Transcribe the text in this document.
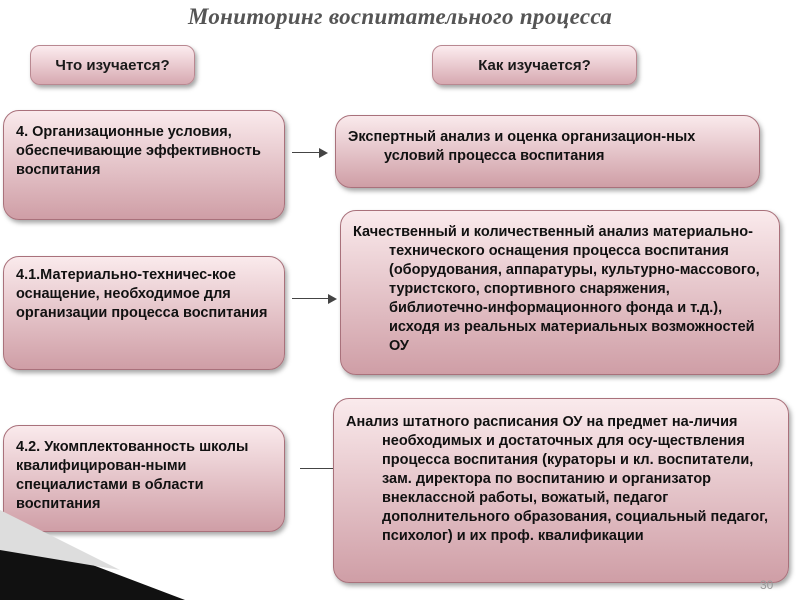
Мониторинг воспитательного процесса
Что изучается?	Как изучается?
4. Организационные условия, обеспечивающие эффективность воспитания
Экспертный анализ и оценка организацион-ных условий процесса воспитания
4.1.Материально-техничес-кое оснащение, необходимое для организации процесса воспитания
Качественный и количественный анализ материально-технического оснащения процесса воспитания (оборудования, аппаратуры, культурно-массового, туристского, спортивного снаряжения, библиотечно-информационного фонда и т.д.), исходя из реальных материальных возможностей ОУ
4.2. Укомплектованность школы квалифицирован-ными специалистами в области воспитания
Анализ штатного расписания ОУ на предмет на-личия необходимых и достаточных для осу-ществления процесса воспитания (кураторы и кл. воспитатели, зам. директора по воспитанию и организатор внеклассной работы, вожатый, педагог дополнительного образования, социальный педагог, психолог) и их проф. квалификации
30
